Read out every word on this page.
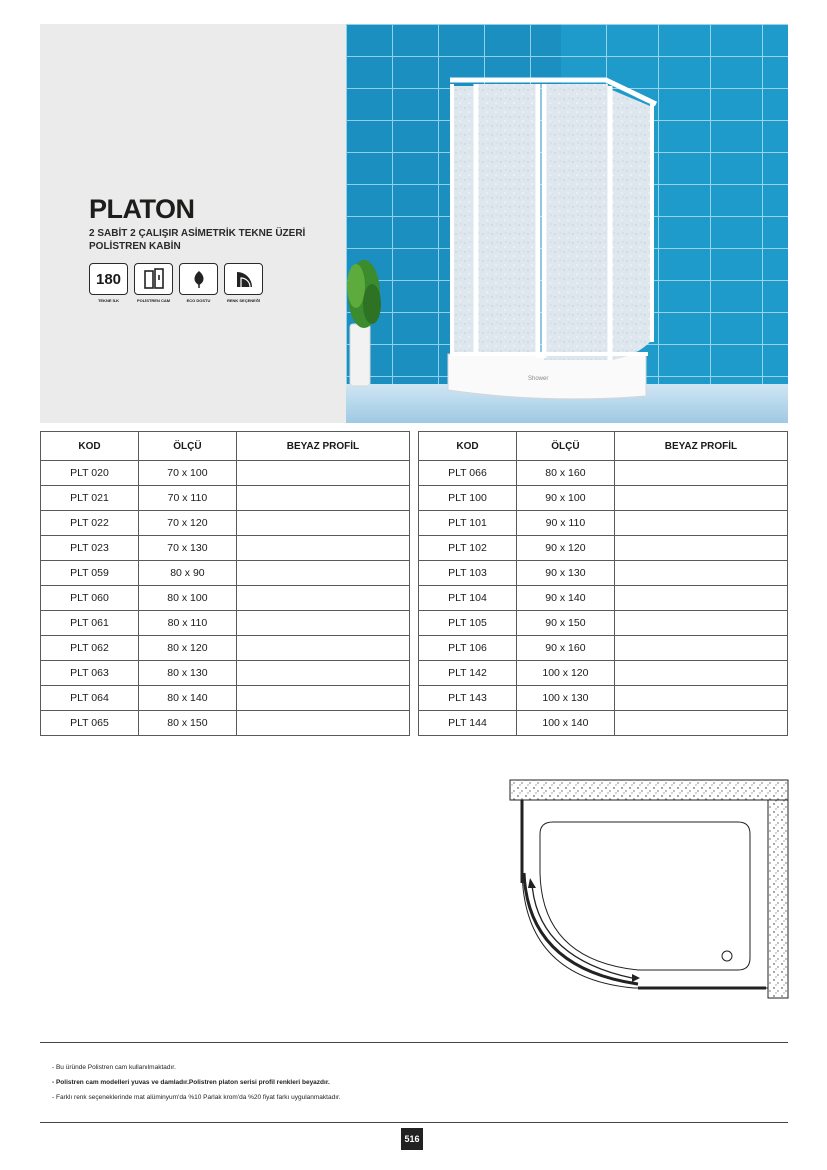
PLATON
2 SABİT 2 ÇALIŞIR ASİMETRİK TEKNE ÜZERİ
POLİSTREN KABİN
180
TEKNE İLK	POLİSTREN CAM	ECO DOSTU	RENK SEÇENEĞİ
Shower
KOD	ÖLÇÜ	BEYAZ PROFİL
PLT 020	70 x 100	
PLT 021	70 x 110	
PLT 022	70 x 120	
PLT 023	70 x 130	
PLT 059	80 x 90	
PLT 060	80 x 100	
PLT 061	80 x 110	
PLT 062	80 x 120	
PLT 063	80 x 130	
PLT 064	80 x 140	
PLT 065	80 x 150	
KOD	ÖLÇÜ	BEYAZ PROFİL
PLT 066	80 x 160	
PLT 100	90 x 100	
PLT 101	90 x 110	
PLT 102	90 x 120	
PLT 103	90 x 130	
PLT 104	90 x 140	
PLT 105	90 x 150	
PLT 106	90 x 160	
PLT 142	100 x 120	
PLT 143	100 x 130	
PLT 144	100 x 140	
- Bu üründe Polistren cam kullanılmaktadır.
- Polistren cam modelleri yuvas ve damladır.Polistren platon serisi profil renkleri beyazdır.
- Farklı renk seçeneklerinde mat alüminyum'da %10 Parlak krom'da %20 fiyat farkı uygulanmaktadır.
516
